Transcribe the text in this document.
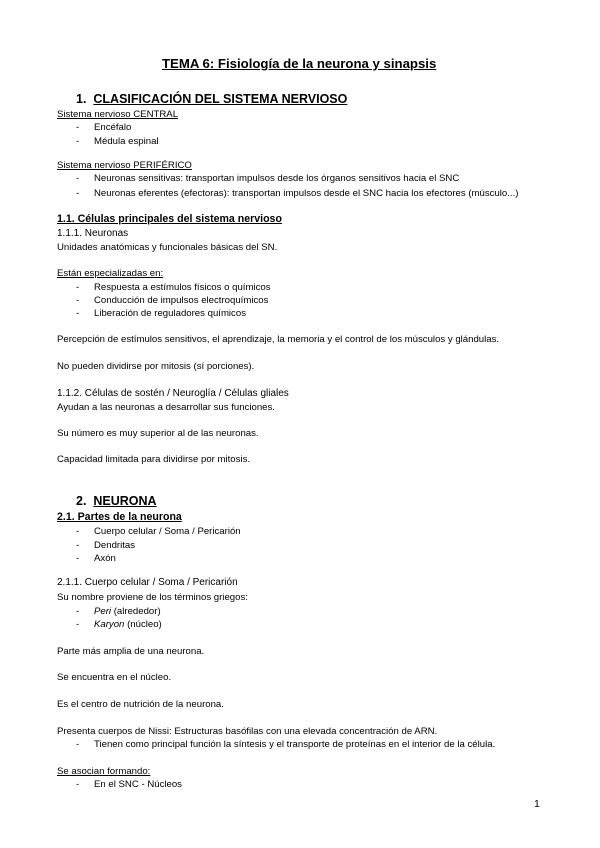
TEMA 6: Fisiología de la neurona y sinapsis
1. CLASIFICACIÓN DEL SISTEMA NERVIOSO
Sistema nervioso CENTRAL
- Encéfalo
- Médula espinal
Sistema nervioso PERIFÉRICO
- Neuronas sensitivas: transportan impulsos desde los órganos sensitivos hacia el SNC
- Neuronas eferentes (efectoras): transportan impulsos desde el SNC hacia los efectores (músculo...)
1.1. Células principales del sistema nervioso
1.1.1. Neuronas
Unidades anatómicas y funcionales básicas del SN.
Están especializadas en:
- Respuesta a estímulos físicos o químicos
- Conducción de impulsos electroquímicos
- Liberación de reguladores químicos
Percepción de estímulos sensitivos, el aprendizaje, la memoria y el control de los músculos y glándulas.
No pueden dividirse por mitosis (sí porciones).
1.1.2. Células de sostén / Neuroglía / Células gliales
Ayudan a las neuronas a desarrollar sus funciones.
Su número es muy superior al de las neuronas.
Capacidad limitada para dividirse por mitosis.
2. NEURONA
2.1. Partes de la neurona
- Cuerpo celular / Soma / Pericarión
- Dendritas
- Axón
2.1.1. Cuerpo celular / Soma / Pericarión
Su nombre proviene de los términos griegos:
- Peri (alrededor)
- Karyon (núcleo)
Parte más amplia de una neurona.
Se encuentra en el núcleo.
Es el centro de nutrición de la neurona.
Presenta cuerpos de Nissi: Estructuras basófilas con una elevada concentración de ARN.
- Tienen como principal función la síntesis y el transporte de proteínas en el interior de la célula.
Se asocian formando:
- En el SNC - Núcleos
1
